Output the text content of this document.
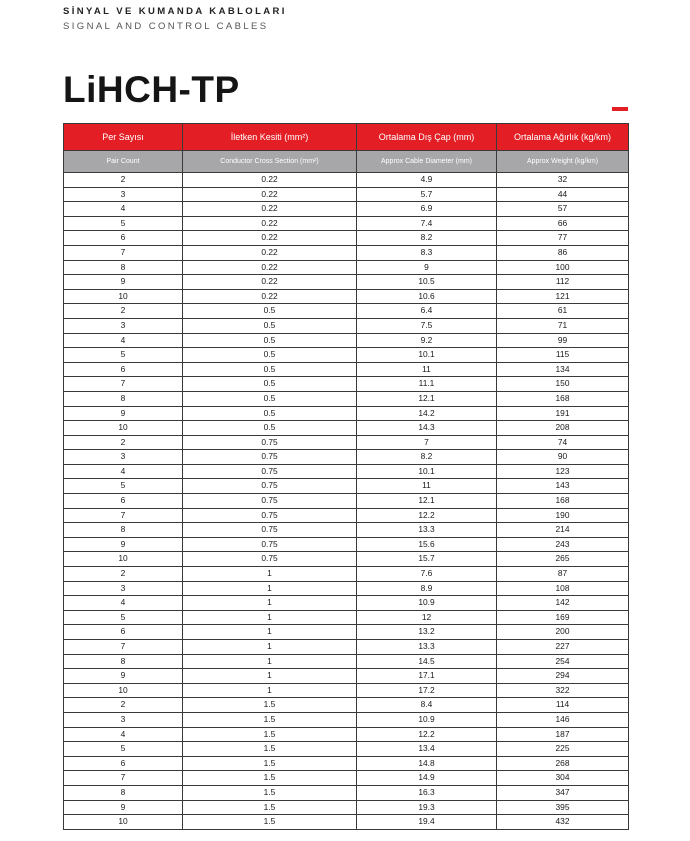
SİNYAL VE KUMANDA KABLOLARI
SIGNAL AND CONTROL CABLES
LiHCH-TP
Per Sayısı	İletken Kesiti (mm²)	Ortalama Dış Çap (mm)	Ortalama Ağırlık (kg/km)
Pair Count	Conductor Cross Section (mm²)	Approx Cable Diameter (mm)	Approx Weight (kg/km)
2	0.22	4.9	32
3	0.22	5.7	44
4	0.22	6.9	57
5	0.22	7.4	66
6	0.22	8.2	77
7	0.22	8.3	86
8	0.22	9	100
9	0.22	10.5	112
10	0.22	10.6	121
2	0.5	6.4	61
3	0.5	7.5	71
4	0.5	9.2	99
5	0.5	10.1	115
6	0.5	11	134
7	0.5	11.1	150
8	0.5	12.1	168
9	0.5	14.2	191
10	0.5	14.3	208
2	0.75	7	74
3	0.75	8.2	90
4	0.75	10.1	123
5	0.75	11	143
6	0.75	12.1	168
7	0.75	12.2	190
8	0.75	13.3	214
9	0.75	15.6	243
10	0.75	15.7	265
2	1	7.6	87
3	1	8.9	108
4	1	10.9	142
5	1	12	169
6	1	13.2	200
7	1	13.3	227
8	1	14.5	254
9	1	17.1	294
10	1	17.2	322
2	1.5	8.4	114
3	1.5	10.9	146
4	1.5	12.2	187
5	1.5	13.4	225
6	1.5	14.8	268
7	1.5	14.9	304
8	1.5	16.3	347
9	1.5	19.3	395
10	1.5	19.4	432
